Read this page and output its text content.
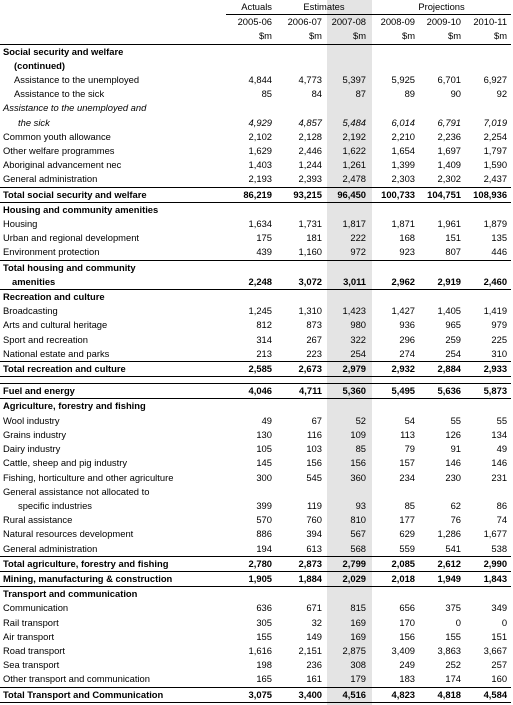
	Actuals	Estimates		Projections		
	2005-06	2006-07	2007-08	2008-09	2009-10	2010-11
	$m	$m	$m	$m	$m	$m
Social security and welfare						
(continued)						
Assistance to the unemployed	4,844	4,773	5,397	5,925	6,701	6,927
Assistance to the sick	85	84	87	89	90	92
Assistance to the unemployed and						
the sick	4,929	4,857	5,484	6,014	6,791	7,019
Common youth allowance	2,102	2,128	2,192	2,210	2,236	2,254
Other welfare programmes	1,629	2,446	1,622	1,654	1,697	1,797
Aboriginal advancement nec	1,403	1,244	1,261	1,399	1,409	1,590
General administration	2,193	2,393	2,478	2,303	2,302	2,437
Total social security and welfare	86,219	93,215	96,450	100,733	104,751	108,936
Housing and community amenities						
Housing	1,634	1,731	1,817	1,871	1,961	1,879
Urban and regional development	175	181	222	168	151	135
Environment protection	439	1,160	972	923	807	446
Total housing and community						
amenities	2,248	3,072	3,011	2,962	2,919	2,460
Recreation and culture						
Broadcasting	1,245	1,310	1,423	1,427	1,405	1,419
Arts and cultural heritage	812	873	980	936	965	979
Sport and recreation	314	267	322	296	259	225
National estate and parks	213	223	254	274	254	310
Total recreation and culture	2,585	2,673	2,979	2,932	2,884	2,933

Fuel and energy	4,046	4,711	5,360	5,495	5,636	5,873
Agriculture, forestry and fishing						
Wool industry	49	67	52	54	55	55
Grains industry	130	116	109	113	126	134
Dairy industry	105	103	85	79	91	49
Cattle, sheep and pig industry	145	156	156	157	146	146
Fishing, horticulture and other agriculture	300	545	360	234	230	231
General assistance not allocated to						
specific industries	399	119	93	85	62	86
Rural assistance	570	760	810	177	76	74
Natural resources development	886	394	567	629	1,286	1,677
General administration	194	613	568	559	541	538
Total agriculture, forestry and fishing	2,780	2,873	2,799	2,085	2,612	2,990
Mining, manufacturing & construction	1,905	1,884	2,029	2,018	1,949	1,843
Transport and communication						
Communication	636	671	815	656	375	349
Rail transport	305	32	169	170	0	0
Air transport	155	149	169	156	155	151
Road transport	1,616	2,151	2,875	3,409	3,863	3,667
Sea transport	198	236	308	249	252	257
Other transport and communication	165	161	179	183	174	160
Total Transport and Communication	3,075	3,400	4,516	4,823	4,818	4,584
